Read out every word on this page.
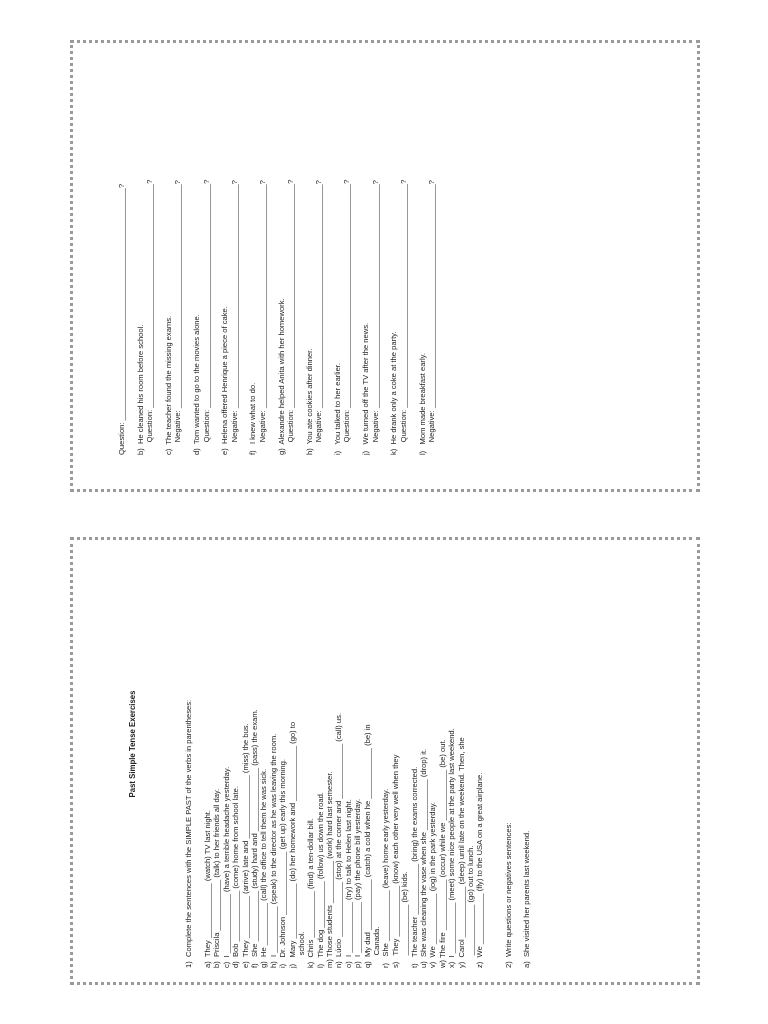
Question: _______________________________________________________? b)  He cleaned his room before school. Question: _____________________________________________________? c)  The teacher found the missing exams. Negative: _____________________________________________________? d)  Tom wanted to go to the movies alone. Question: _____________________________________________________? e)  Helena offered Henrique a piece of cake. Negative: _____________________________________________________? f)   I knew what to do. Negative: _____________________________________________________? g)  Alexandre helped Anita with her homework. Question: _____________________________________________________? h)  You ate cookies after dinner. Negative: _____________________________________________________? i)   You talked to her earlier. Question: _____________________________________________________? j)   We turned off the TV after the news. Negative: _____________________________________________________? k)  He drank only a coke at the party. Question: _____________________________________________________? l)   Mom made breakfast early. Negative: _____________________________________________________?

Past Simple Tense Exercises

	1)  Complete the sentences with the SIMPLE PAST of the verbs in parentheses: a)  They _____________ (watch) TV last night. b)  Priscila ____________ (talk) to her friends all day. c)  I ______________ (have) a terrible headache yesterday. d)  Bob ____________ (come) home from school late. e)  They __________ (arrive) late and _______________ (miss) the bus. f)   She ____________ (study) hard and _______________ (pass) the exam. g)  He __________ (call) the office to tell them he was sick. h)  I ___________ (speak) to the director as he was leaving the room. i)   Dr. Johnson _______________ (get up) early this morning. j)   Mary _____________ (do) her homework and _____________ (go) to school. k)  Chris ___________ (find) a ten-dollar bill. l)   The dog ___________ (follow) us down the road. m) Those students __________ (work) hard last semester. n)  Lúcio _____________ (stop) at the corner and _____________ (call) us. o)  I ____________ (try) to talk to Helen last night. p)  I ____________ (pay) the phone bill yesterday. q)  My dad ____________ (catch) a cold when he ____________ (be) in Canada. r)   She ____________ (leave) home early yesterday. s)   They ____________ (know) each other very well when they ____________ (be) kids. t)   The teacher ____________ (bring) the exams corrected. u)  She was cleaning the vase when she ____________ (drop) it. v)  We ____________ (jog) in the park yesterday. w) The fire ____________ (occur) while we ____________ (be) out. x)  I ____________ (meet) some nice people at the party last weekend. y)  Carol ____________ (sleep) until late on the weekend. Then, she ____________ (go) out to lunch. z)  We ____________ (fly) to the USA on a great airplane.	2)  Write questions or negatives sentences: a)  She visited her parents last weekend.
